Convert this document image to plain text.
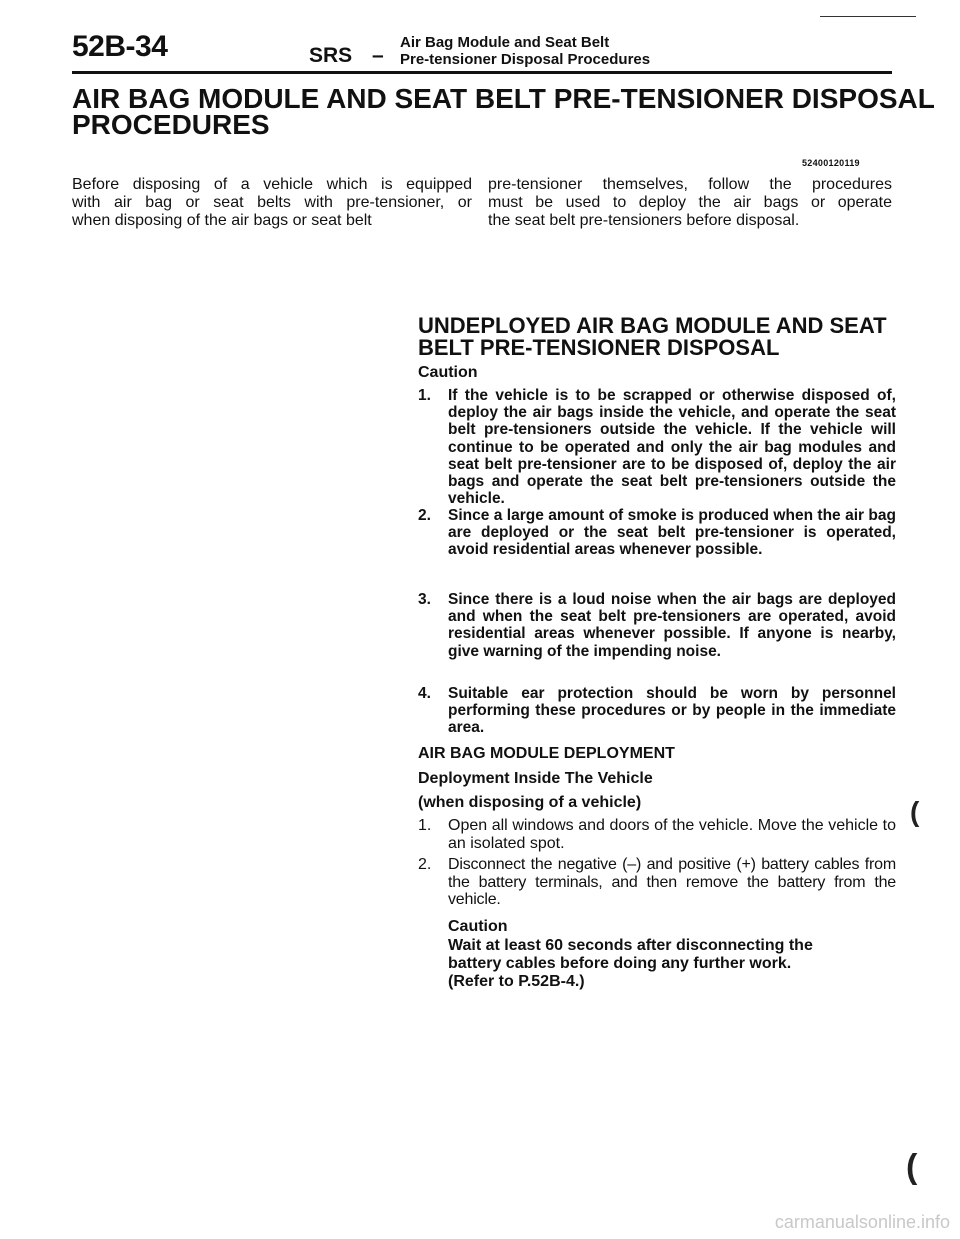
52B-34	SRS –
Air Bag Module and Seat Belt
Pre-tensioner Disposal Procedures
AIR BAG MODULE AND SEAT BELT PRE-TENSIONER DISPOSAL
PROCEDURES
52400120119
Before disposing of a vehicle which is equipped
with air bag or seat belts with pre-tensioner, or
when disposing of the air bags or seat belt
pre-tensioner themselves, follow the procedures
must be used to deploy the air bags or operate
the seat belt pre-tensioners before disposal.
UNDEPLOYED AIR BAG MODULE AND SEAT
BELT PRE-TENSIONER DISPOSAL
Caution
1. If the vehicle is to be scrapped or otherwise disposed of, deploy the air bags inside the vehicle, and operate the seat belt pre-tensioners outside the vehicle. If the vehicle will continue to be operated and only the air bag modules and seat belt pre-tensioner are to be disposed of, deploy the air bags and operate the seat belt pre-tensioners outside the vehicle.
2. Since a large amount of smoke is produced when the air bag are deployed or the seat belt pre-tensioner is operated, avoid residential areas whenever possible.
3. Since there is a loud noise when the air bags are deployed and when the seat belt pre-tensioners are operated, avoid residential areas whenever possible. If anyone is nearby, give warning of the impending noise.
4. Suitable ear protection should be worn by personnel performing these procedures or by people in the immediate area.
AIR BAG MODULE DEPLOYMENT
Deployment Inside The Vehicle
(when disposing of a vehicle)
1. Open all windows and doors of the vehicle. Move the vehicle to an isolated spot.
2. Disconnect the negative (–) and positive (+) battery cables from the battery terminals, and then remove the battery from the vehicle.
Caution
Wait at least 60 seconds after disconnecting the
battery cables before doing any further work.
(Refer to P.52B-4.)
(
(
carmanualsonline.info
